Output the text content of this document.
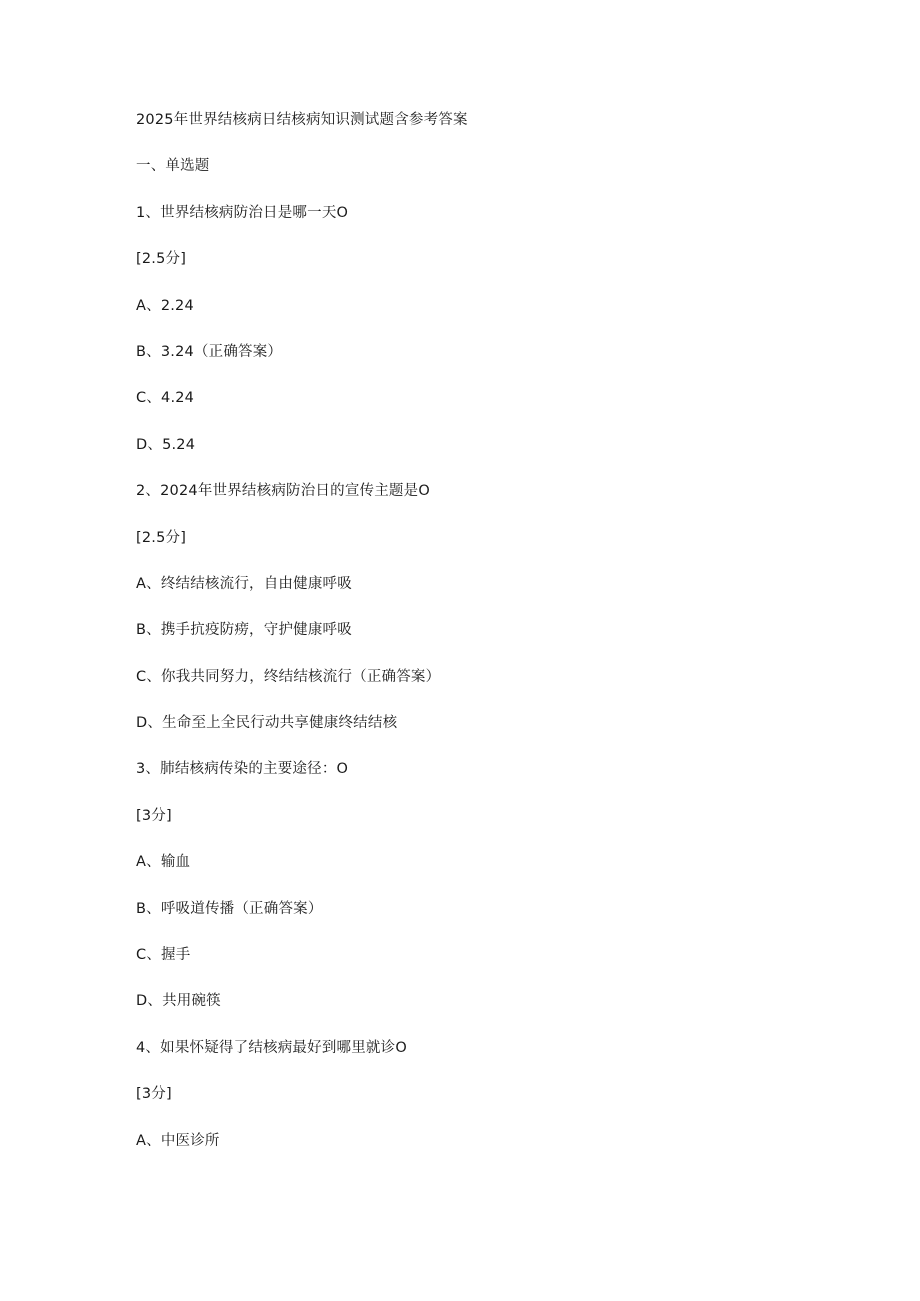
2025年世界结核病日结核病知识测试题含参考答案
一、单选题
1、世界结核病防治日是哪一天O
[2.5分]
A、2.24
B、3.24（正确答案）
C、4.24
D、5.24
2、2024年世界结核病防治日的宣传主题是O
[2.5分]
A、终结结核流行，自由健康呼吸
B、携手抗疫防痨，守护健康呼吸
C、你我共同努力，终结结核流行（正确答案）
D、生命至上全民行动共享健康终结结核
3、肺结核病传染的主要途径：O
[3分]
A、输血
B、呼吸道传播（正确答案）
C、握手
D、共用碗筷
4、如果怀疑得了结核病最好到哪里就诊O
[3分]
A、中医诊所
